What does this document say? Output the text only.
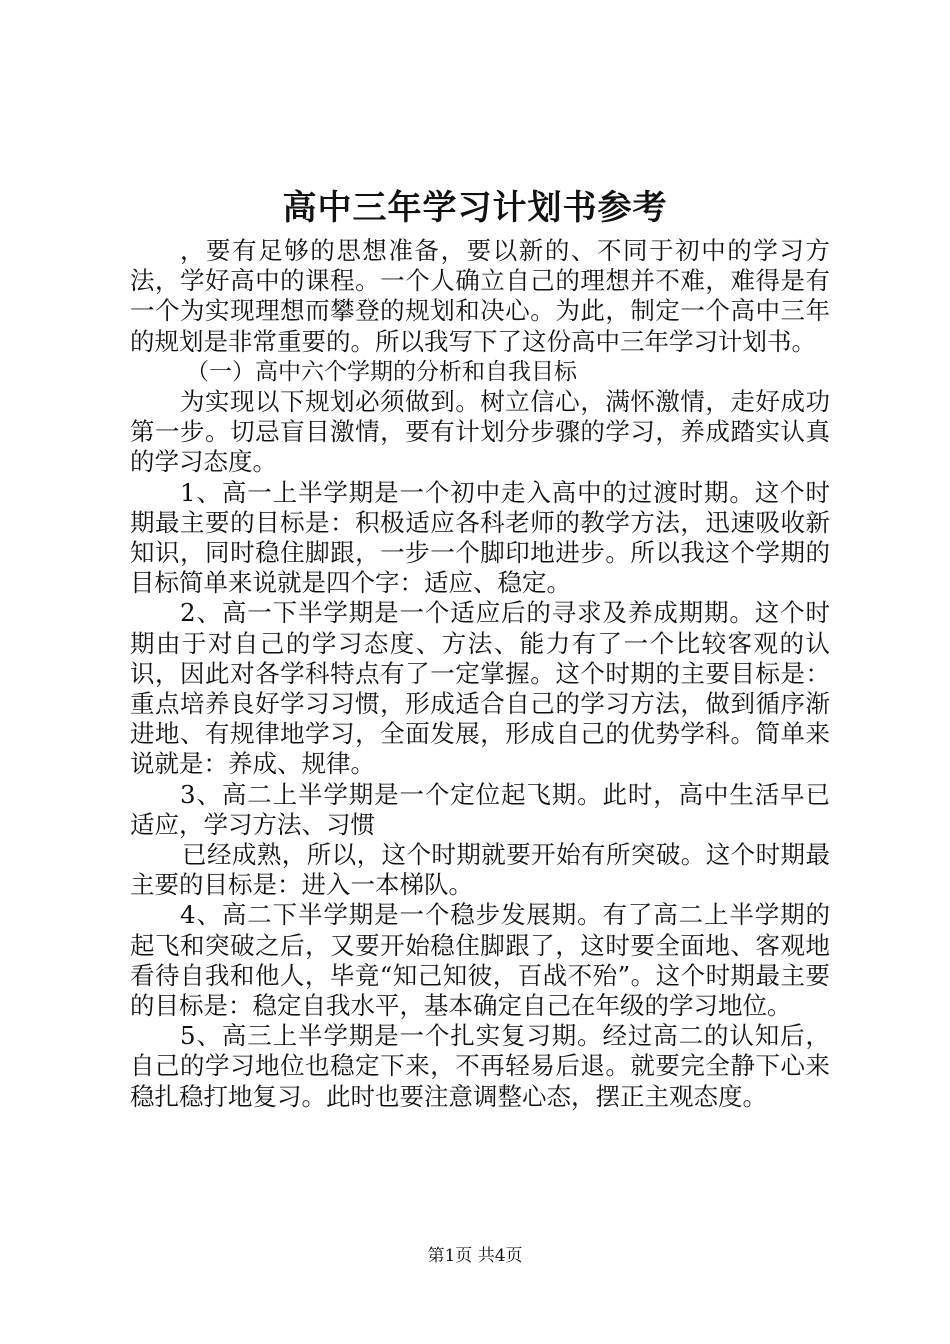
高中三年学习计划书参考

，要有足够的思想准备，要以新的、不同于初中的学习方法，学好高中的课程。一个人确立自己的理想并不难，难得是有一个为实现理想而攀登的规划和决心。为此，制定一个高中三年的规划是非常重要的。所以我写下了这份高中三年学习计划书。

（一）高中六个学期的分析和自我目标

为实现以下规划必须做到。树立信心，满怀激情，走好成功第一步。切忌盲目激情，要有计划分步骤的学习，养成踏实认真的学习态度。

1、高一上半学期是一个初中走入高中的过渡时期。这个时期最主要的目标是：积极适应各科老师的教学方法，迅速吸收新知识，同时稳住脚跟，一步一个脚印地进步。所以我这个学期的目标简单来说就是四个字：适应、稳定。

2、高一下半学期是一个适应后的寻求及养成期期。这个时期由于对自己的学习态度、方法、能力有了一个比较客观的认识，因此对各学科特点有了一定掌握。这个时期的主要目标是：重点培养良好学习习惯，形成适合自己的学习方法，做到循序渐进地、有规律地学习，全面发展，形成自己的优势学科。简单来说就是：养成、规律。

3、高二上半学期是一个定位起飞期。此时，高中生活早已适应，学习方法、习惯

已经成熟，所以，这个时期就要开始有所突破。这个时期最主要的目标是：进入一本梯队。

4、高二下半学期是一个稳步发展期。有了高二上半学期的起飞和突破之后，又要开始稳住脚跟了，这时要全面地、客观地看待自我和他人，毕竟“知己知彼，百战不殆”。这个时期最主要的目标是：稳定自我水平，基本确定自己在年级的学习地位。

5、高三上半学期是一个扎实复习期。经过高二的认知后，自己的学习地位也稳定下来，不再轻易后退。就要完全静下心来稳扎稳打地复习。此时也要注意调整心态，摆正主观态度。

第1页 共4页
